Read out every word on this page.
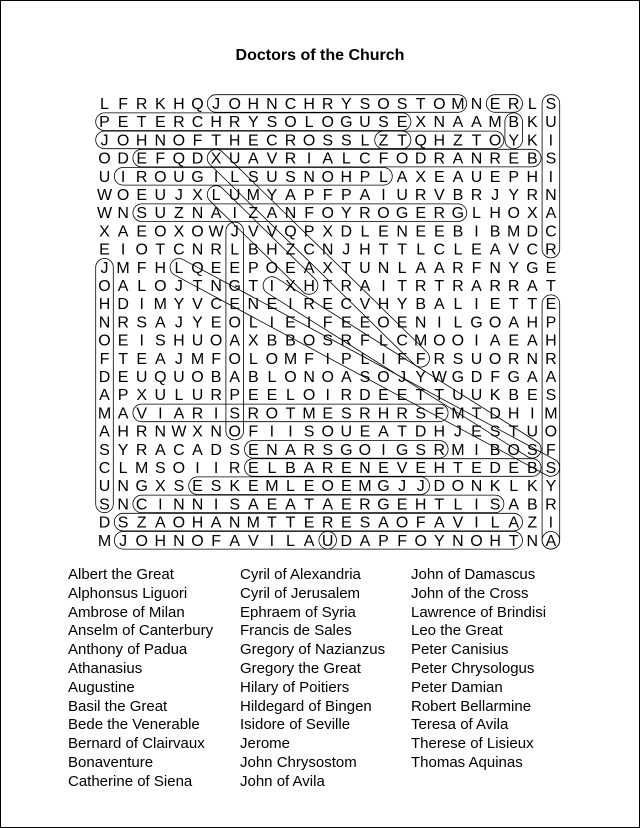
Doctors of the Church
L F R K H Q J O H N C H R Y S O S T O M N E R L S
P E T E R C H R Y S O L O G U S E X N A A M B K U
J O H N O F T H E C R O S S L Z T Q H Z T O Y K I
O D E F Q D X U A V R I A L C F O D R A N R E B S
U I R O U G I L S U S N O H P L A X E A U E P H I
W O E U J X L U M Y A P F P A I U R V B R J Y R N
W N S U Z N A I Z A N F O Y R O G E R G L H O X A
X A E O X O W J V V Q P X D L E N E E B I B M D C
E I O T C N R L B H Z C N J H T T L C L E A V C R
J M F H L Q E E P O E A X T U N L A A R F N Y G E
O A L O J T N G T I X H T R A I T R T R A R R A T
H D I M Y V C E N E I R E C V H Y B A L I E T T E
N R S A J Y E O L I E I F E E O E N I L G O A H P
O E I S H U O A X B B O S R F L C M O O I A E A H
F T E A J M F O L O M F I P L I F F R S U O R N R
D E U Q U O B A B L O N O A S O J Y W G D F G A A
A P X U L U R P E E L O I R D E E T T U U K B E S
M A V I A R I S R O T M E S R H R S F M T D H I M
A H R N W X N O F I I S O U E A T D H J E S T U O
S Y R A C A D S E N A R S G O I G S R M I B O S F
C L M S O I I R E L B A R E N E V E H T E D E B S
U N G X S E S K E M L E O E M G J J D O N K L K Y
S N C I N N I S A E A T A E R G E H T L I S A B R
D S Z A O H A N M T T E R E S A O F A V I L A Z I
M J O H N O F A V I L A U D A P F O Y N O H T N A
Albert the Great
Alphonsus Liguori
Ambrose of Milan
Anselm of Canterbury
Anthony of Padua
Athanasius
Augustine
Basil the Great
Bede the Venerable
Bernard of Clairvaux
Bonaventure
Catherine of Siena
Cyril of Alexandria
Cyril of Jerusalem
Ephraem of Syria
Francis de Sales
Gregory of Nazianzus
Gregory the Great
Hilary of Poitiers
Hildegard of Bingen
Isidore of Seville
Jerome
John Chrysostom
John of Avila
John of Damascus
John of the Cross
Lawrence of Brindisi
Leo the Great
Peter Canisius
Peter Chrysologus
Peter Damian
Robert Bellarmine
Teresa of Avila
Therese of Lisieux
Thomas Aquinas
